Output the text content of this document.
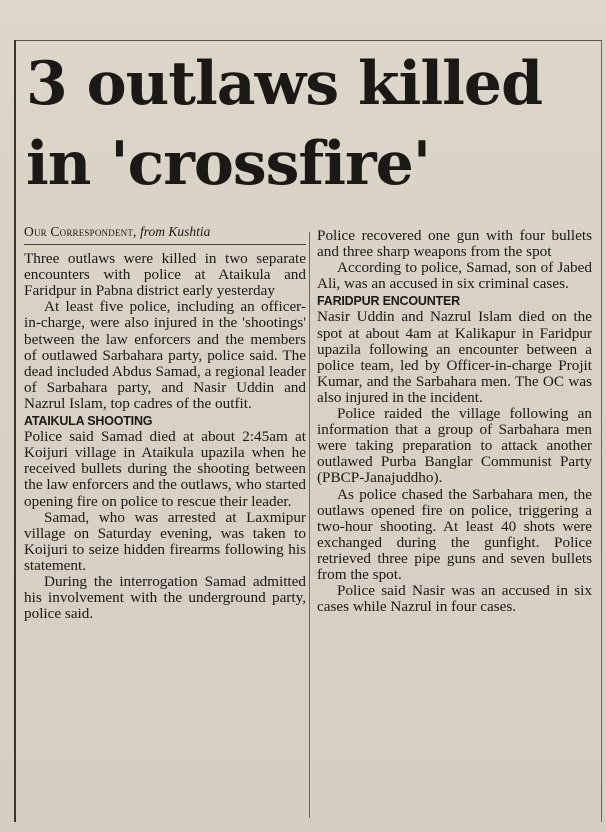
3 outlaws killed
in 'crossfire'
Our Correspondent, from Kushtia

Three outlaws were killed in two separate encounters with police at Ataikula and Faridpur in Pabna district early yesterday

At least five police, including an officer-in-charge, were also injured in the 'shootings' between the law enforcers and the members of outlawed Sarbahara party, police said. The dead included Abdus Samad, a regional leader of Sarbahara party, and Nasir Uddin and Nazrul Islam, top cadres of the outfit.

ATAIKULA SHOOTING

Police said Samad died at about 2:45am at Koijuri village in Ataikula upazila when he received bullets during the shooting between the law enforcers and the outlaws, who started opening fire on police to rescue their leader.

Samad, who was arrested at Laxmipur village on Saturday evening, was taken to Koijuri to seize hidden firearms following his statement.

During the interrogation Samad admitted his involvement with the underground party, police said.

Police recovered one gun with four bullets and three sharp weapons from the spot

According to police, Samad, son of Jabed Ali, was an accused in six criminal cases.

FARIDPUR ENCOUNTER

Nasir Uddin and Nazrul Islam died on the spot at about 4am at Kalikapur in Faridpur upazila following an encounter between a police team, led by Officer-in-charge Projit Kumar, and the Sarbahara men. The OC was also injured in the incident.

Police raided the village following an information that a group of Sarbahara men were taking preparation to attack another outlawed Purba Banglar Communist Party (PBCP-Janajuddho).

As police chased the Sarbahara men, the outlaws opened fire on police, triggering a two-hour shooting. At least 40 shots were exchanged during the gunfight. Police retrieved three pipe guns and seven bullets from the spot.

Police said Nasir was an accused in six cases while Nazrul in four cases.
